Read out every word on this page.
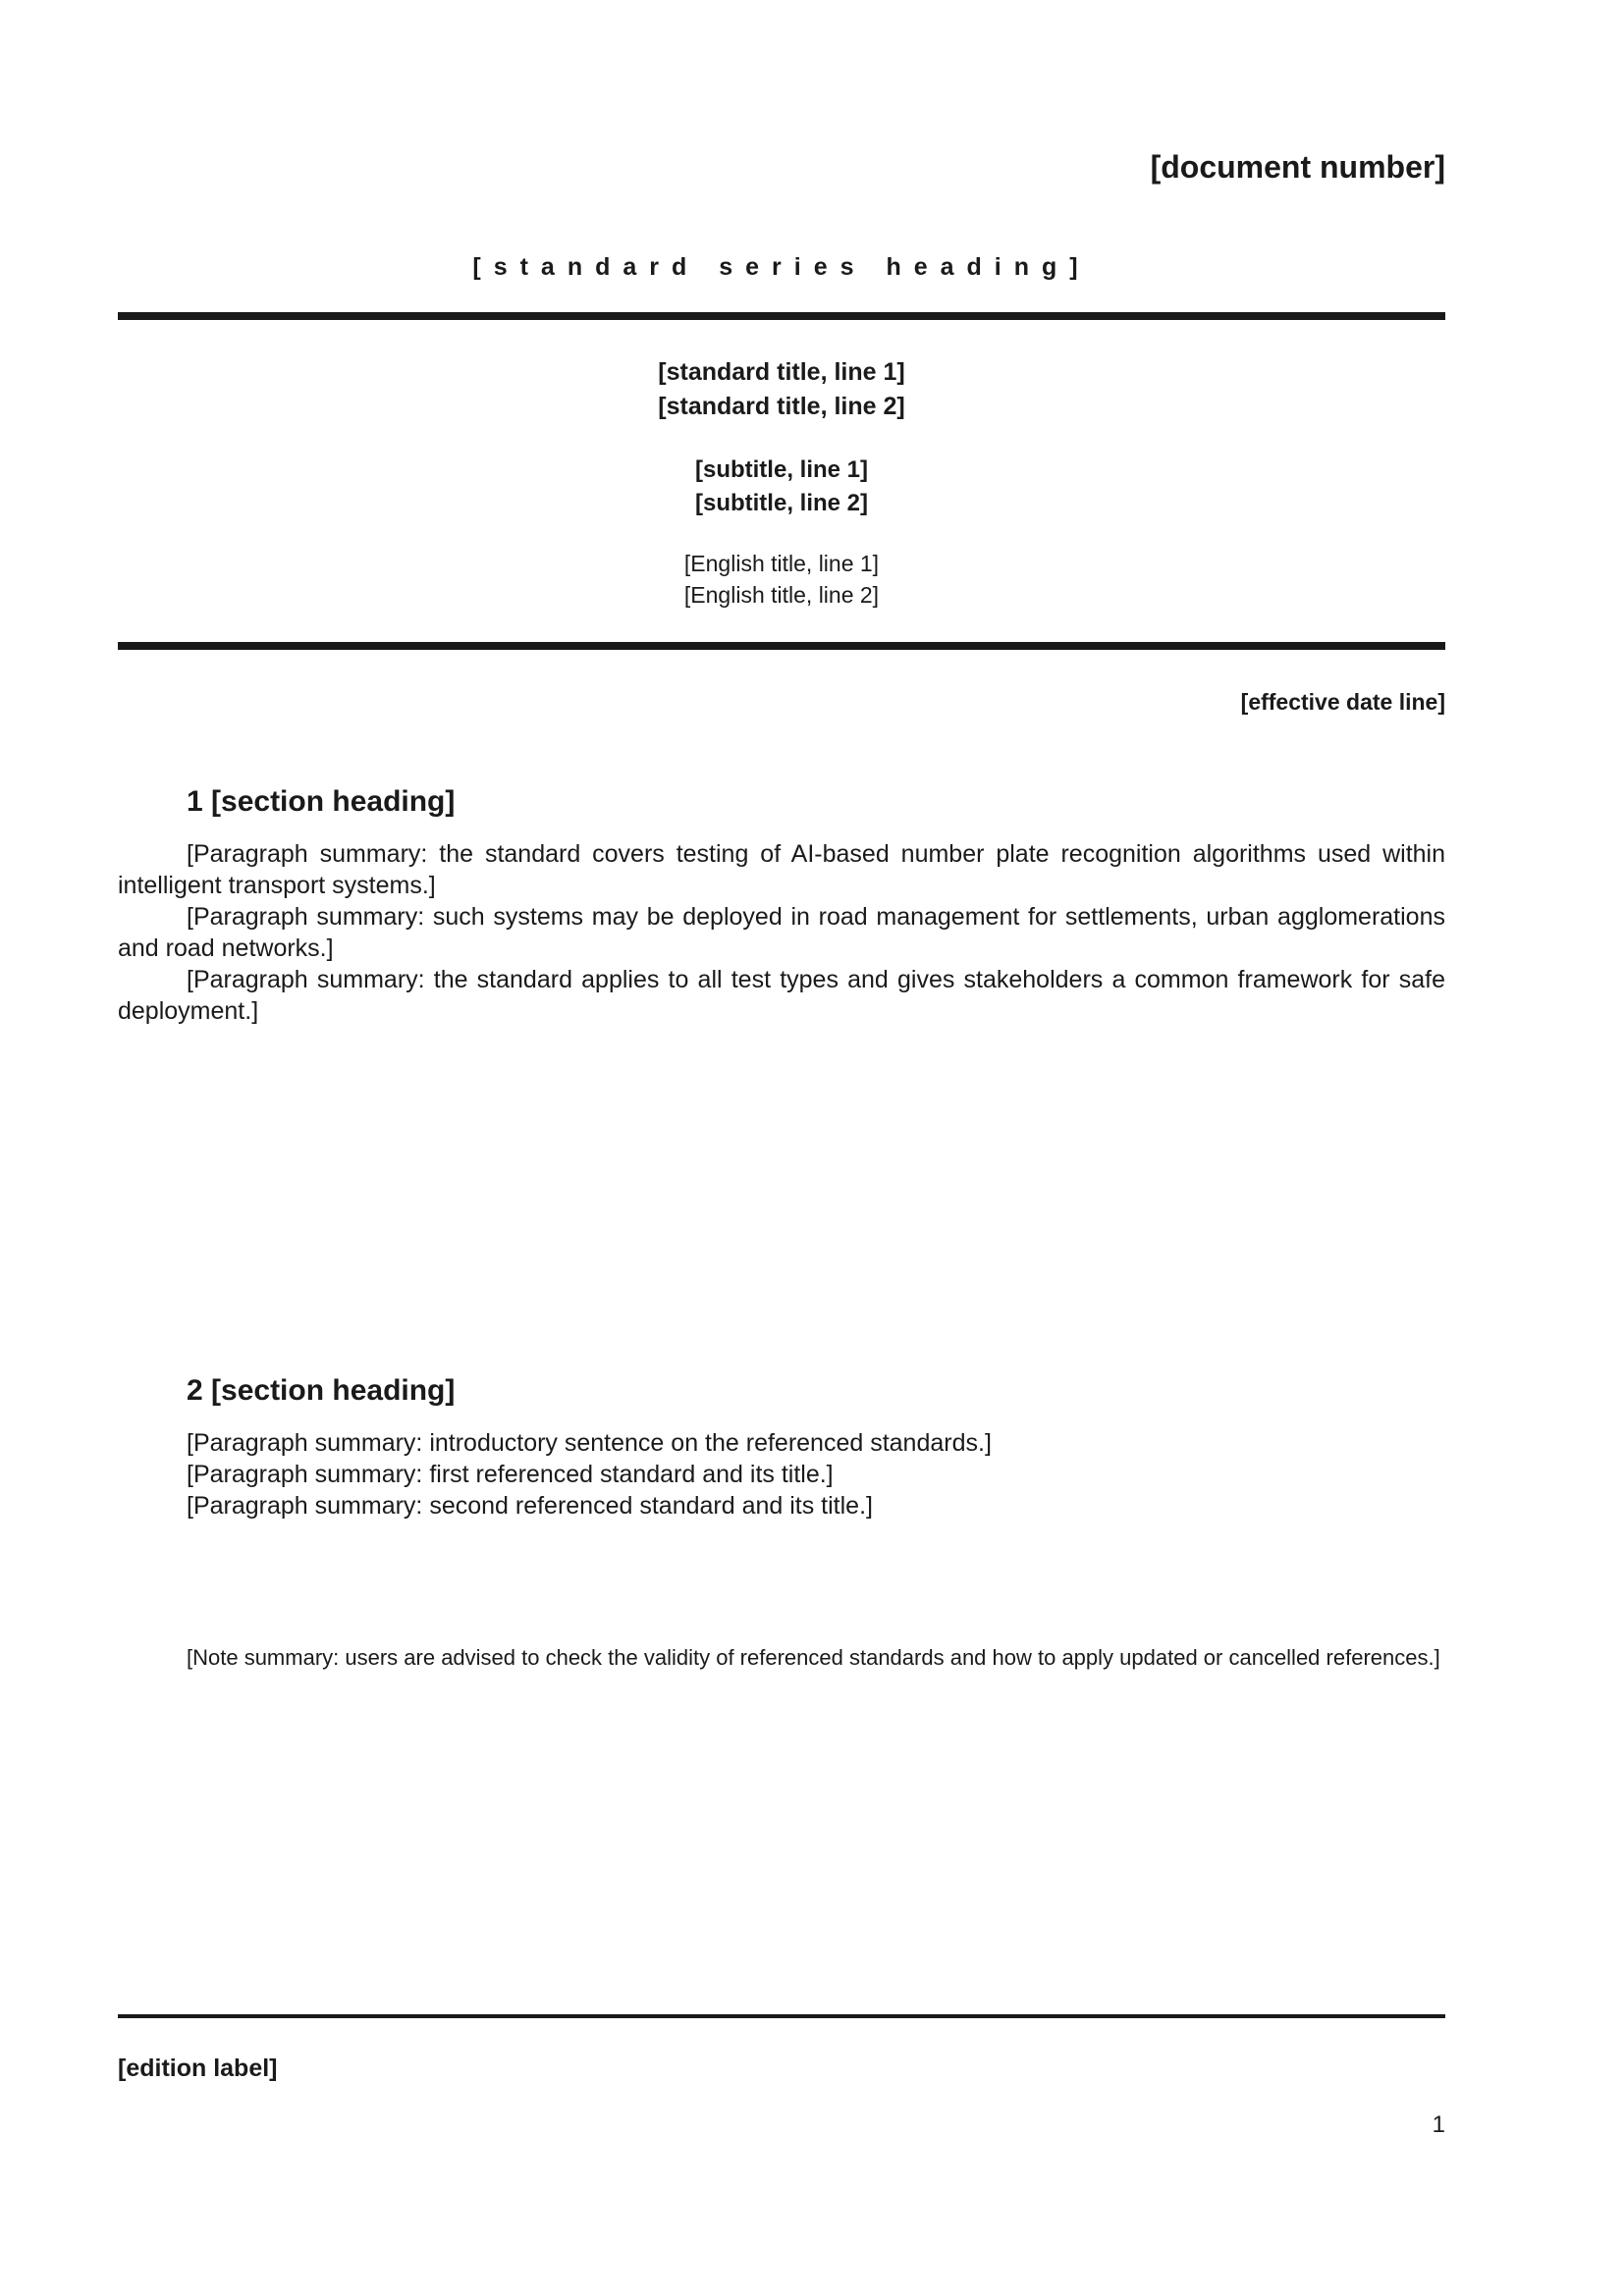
[document number]
[standard series heading]
[standard title, line 1]
[standard title, line 2]
[subtitle, line 1]
[subtitle, line 2]
[English title, line 1]
[English title, line 2]
[effective date line]
1 [section heading]

[Paragraph summary: the standard covers testing of AI-based number plate recognition algorithms used within intelligent transport systems.]

[Paragraph summary: such systems may be deployed in road management for settlements, urban agglomerations and road networks.]

[Paragraph summary: the standard applies to all test types and gives stakeholders a common framework for safe deployment.]

2 [section heading]

[Paragraph summary: introductory sentence on the referenced standards.]

[Paragraph summary: first referenced standard and its title.]

[Paragraph summary: second referenced standard and its title.]

[Note summary: users are advised to check the validity of referenced standards and how to apply updated or cancelled references.]

[edition label]
1
